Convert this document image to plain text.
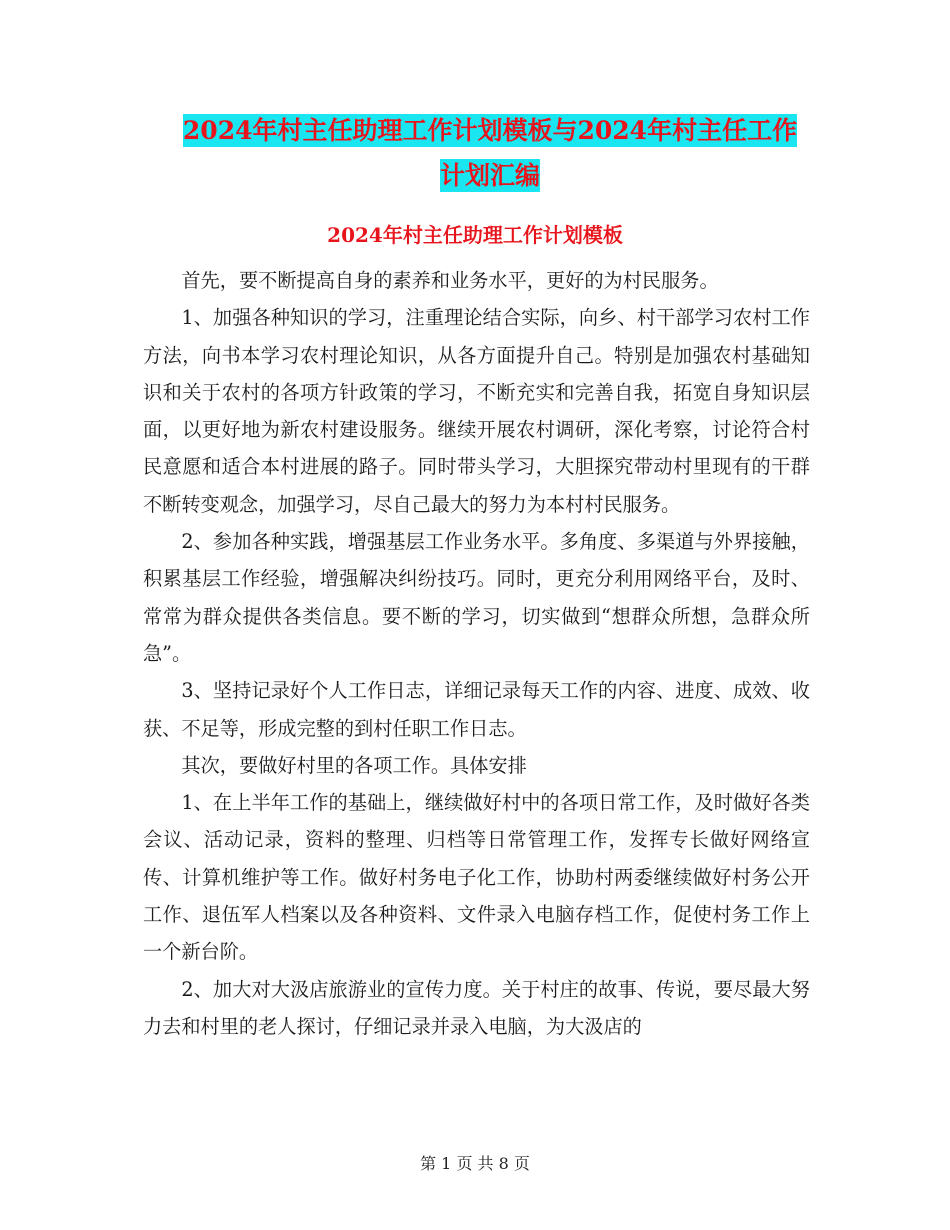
2024年村主任助理工作计划模板与2024年村主任工作
计划汇编
2024年村主任助理工作计划模板

首先，要不断提高自身的素养和业务水平，更好的为村民服务。

1、加强各种知识的学习，注重理论结合实际，向乡、村干部学习农村工作方法，向书本学习农村理论知识，从各方面提升自己。特别是加强农村基础知识和关于农村的各项方针政策的学习，不断充实和完善自我，拓宽自身知识层面，以更好地为新农村建设服务。继续开展农村调研，深化考察，讨论符合村民意愿和适合本村进展的路子。同时带头学习，大胆探究带动村里现有的干群不断转变观念，加强学习，尽自己最大的努力为本村村民服务。

2、参加各种实践，增强基层工作业务水平。多角度、多渠道与外界接触，积累基层工作经验，增强解决纠纷技巧。同时，更充分利用网络平台，及时、常常为群众提供各类信息。要不断的学习，切实做到“想群众所想，急群众所急”。

3、坚持记录好个人工作日志，详细记录每天工作的内容、进度、成效、收获、不足等，形成完整的到村任职工作日志。

其次，要做好村里的各项工作。具体安排

1、在上半年工作的基础上，继续做好村中的各项日常工作，及时做好各类会议、活动记录，资料的整理、归档等日常管理工作，发挥专长做好网络宣传、计算机维护等工作。做好村务电子化工作，协助村两委继续做好村务公开工作、退伍军人档案以及各种资料、文件录入电脑存档工作，促使村务工作上一个新台阶。

2、加大对大汲店旅游业的宣传力度。关于村庄的故事、传说，要尽最大努力去和村里的老人探讨，仔细记录并录入电脑，为大汲店的

第 1 页 共 8 页
